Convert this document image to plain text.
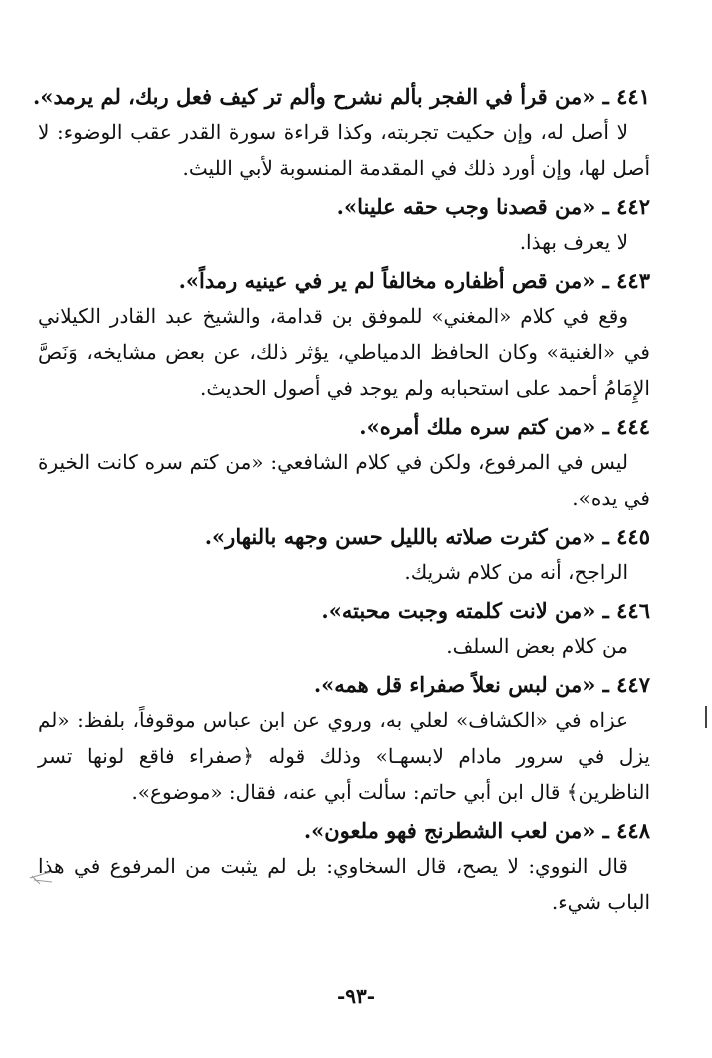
٤٤١ ـ «من قرأ في الفجر بألم نشرح وألم تر كيف فعل ربك، لم يرمد».

لا أصل له، وإن حكيت تجربته، وكذا قراءة سورة القدر عقب الوضوء: لا أصل لها، وإن أورد ذلك في المقدمة المنسوبة لأبي الليث.

٤٤٢ ـ «من قصدنا وجب حقه علينا».

لا يعرف بهذا.

٤٤٣ ـ «من قص أظفاره مخالفاً لم ير في عينيه رمداً».

وقع في كلام «المغني» للموفق بن قدامة، والشيخ عبد القادر الكيلاني في «الغنية» وكان الحافظ الدمياطي، يؤثر ذلك، عن بعض مشايخه، وَنَصَّ الإِمَامُ أحمد على استحبابه ولم يوجد في أصول الحديث.

٤٤٤ ـ «من كتم سره ملك أمره».

ليس في المرفوع، ولكن في كلام الشافعي: «من كتم سره كانت الخيرة في يده».

٤٤٥ ـ «من كثرت صلاته بالليل حسن وجهه بالنهار».

الراجح، أنه من كلام شريك.

٤٤٦ ـ «من لانت كلمته وجبت محبته».

من كلام بعض السلف.

٤٤٧ ـ «من لبس نعلاً صفراء قل همه».

عزاه في «الكشاف» لعلي به، وروي عن ابن عباس موقوفاً، بلفظ: «لم يزل في سرور مادام لابسهـا» وذلك قوله ﴿صفراء فاقع لونها تسر الناظرين﴾ قال ابن أبي حاتم: سألت أبي عنه، فقال: «موضوع».

٤٤٨ ـ «من لعب الشطرنج فهو ملعون».

قال النووي: لا يصح، قال السخاوي: بل لم يثبت من المرفوع في هذا الباب شيء.

-٩٣-
